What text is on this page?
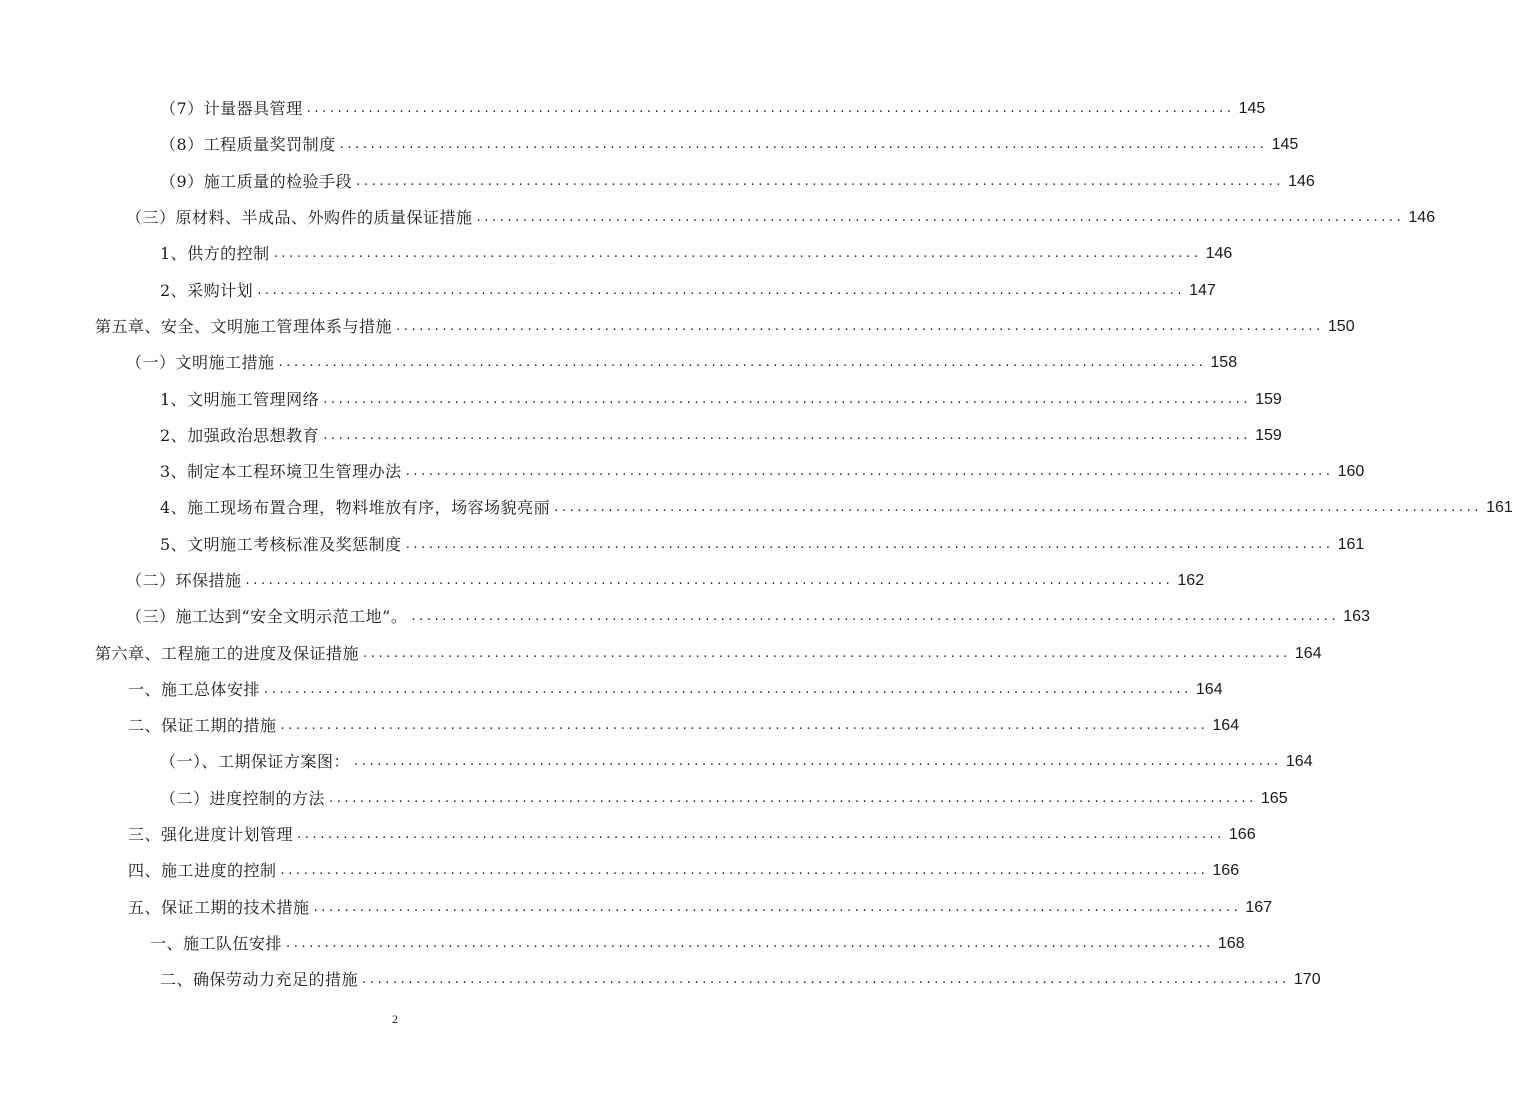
（7）计量器具管理 ........................................................................................................................ 145
（8）工程质量奖罚制度 ........................................................................................................................ 145
（9）施工质量的检验手段 ........................................................................................................................ 146
（三）原材料、半成品、外购件的质量保证措施 ........................................................................................................................ 146
1、供方的控制 ........................................................................................................................ 146
2、采购计划 ........................................................................................................................ 147
第五章、安全、文明施工管理体系与措施 ........................................................................................................................ 150
（一）文明施工措施 ........................................................................................................................ 158
1、文明施工管理网络 ........................................................................................................................ 159
2、加强政治思想教育 ........................................................................................................................ 159
3、制定本工程环境卫生管理办法 ........................................................................................................................ 160
4、施工现场布置合理，物料堆放有序，场容场貌亮丽 ........................................................................................................................ 161
5、文明施工考核标准及奖惩制度 ........................................................................................................................ 161
（二）环保措施 ........................................................................................................................ 162
（三）施工达到“安全文明示范工地”。 ........................................................................................................................ 163
第六章、工程施工的进度及保证措施 ........................................................................................................................ 164
一、施工总体安排 ........................................................................................................................ 164
二、保证工期的措施 ........................................................................................................................ 164
（一）、工期保证方案图： ........................................................................................................................ 164
（二）进度控制的方法 ........................................................................................................................ 165
三、强化进度计划管理 ........................................................................................................................ 166
四、施工进度的控制 ........................................................................................................................ 166
五、保证工期的技术措施 ........................................................................................................................ 167
一、施工队伍安排 ........................................................................................................................ 168
二、确保劳动力充足的措施 ........................................................................................................................ 170
2
